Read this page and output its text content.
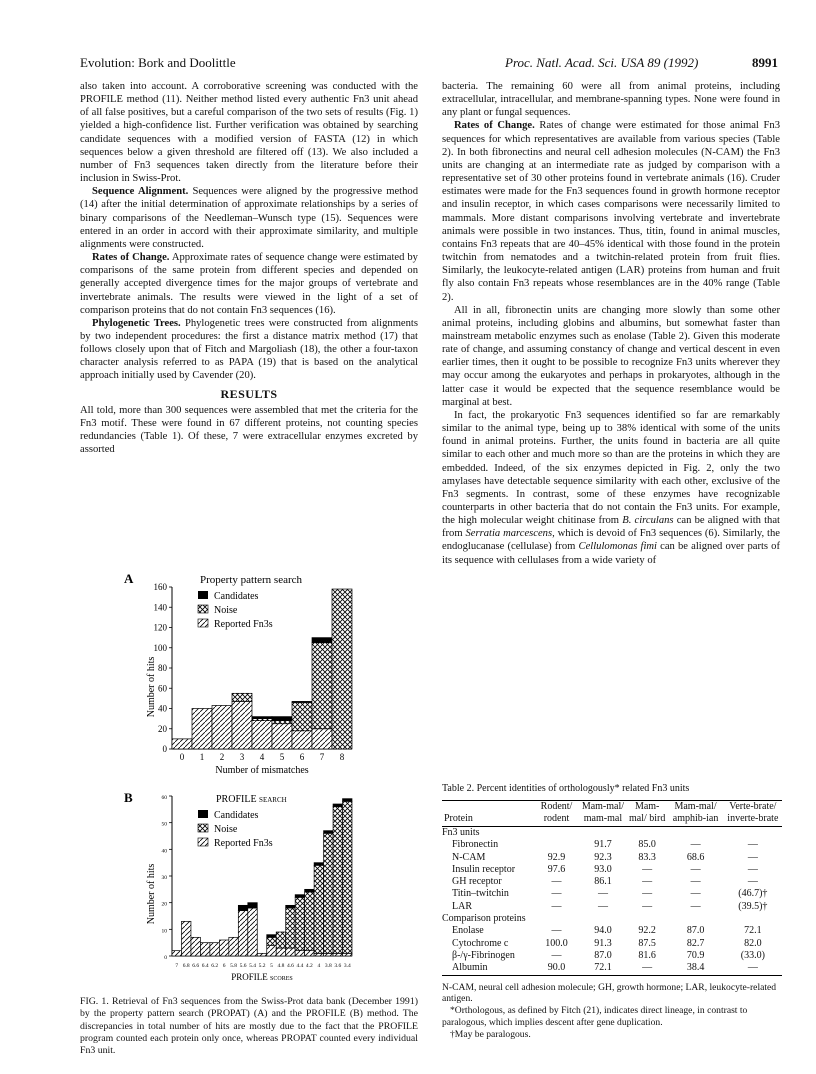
Evolution: Bork and Doolittle	Proc. Natl. Acad. Sci. USA 89 (1992)	8991

also taken into account. A corroborative screening was conducted with the PROFILE method (11). Neither method listed every authentic Fn3 unit ahead of all false positives, but a careful comparison of the two sets of results (Fig. 1) yielded a high-confidence list. Further verification was obtained by searching candidate sequences with a modified version of FASTA (12) in which sequences below a given threshold are filtered off (13). We also included a number of Fn3 sequences taken directly from the literature before their inclusion in Swiss-Prot.

Sequence Alignment. Sequences were aligned by the progressive method (14) after the initial determination of approximate relationships by a series of binary comparisons of the Needleman–Wunsch type (15). Sequences were entered in an order in accord with their approximate similarity, and multiple alignments were constructed.

Rates of Change. Approximate rates of sequence change were estimated by comparisons of the same protein from different species and depended on generally accepted divergence times for the major groups of vertebrate and invertebrate animals. The results were viewed in the light of a set of comparison proteins that do not contain Fn3 sequences (16).

Phylogenetic Trees. Phylogenetic trees were constructed from alignments by two independent procedures: the first a distance matrix method (17) that follows closely upon that of Fitch and Margoliash (18), the other a four-taxon character analysis referred to as PAPA (19) that is based on the analytical approach initially used by Cavender (20).

RESULTS

All told, more than 300 sequences were assembled that met the criteria for the Fn3 motif. These were found in 67 different proteins, not counting species redundancies (Table 1). Of these, 7 were extracellular enzymes excreted by assorted

bacteria. The remaining 60 were all from animal proteins, including extracellular, intracellular, and membrane-spanning types. None were found in any plant or fungal sequences.

Rates of Change. Rates of change were estimated for those animal Fn3 sequences for which representatives are available from various species (Table 2). In both fibronectins and neural cell adhesion molecules (N-CAM) the Fn3 units are changing at an intermediate rate as judged by comparison with a representative set of 30 other proteins found in vertebrate animals (16). Cruder estimates were made for the Fn3 sequences found in growth hormone receptor and insulin receptor, in which cases comparisons were necessarily limited to mammals. More distant comparisons involving vertebrate and invertebrate animals were possible in two instances. Thus, titin, found in animal muscles, contains Fn3 repeats that are 40–45% identical with those found in the protein twitchin from nematodes and a twitchin-related protein from fruit flies. Similarly, the leukocyte-related antigen (LAR) proteins from human and fruit fly also contain Fn3 repeats whose resemblances are in the 40% range (Table 2).

All in all, fibronectin units are changing more slowly than some other animal proteins, including globins and albumins, but somewhat faster than mainstream metabolic enzymes such as enolase (Table 2). Given this moderate rate of change, and assuming constancy of change and vertical descent in even earlier times, then it ought to be possible to recognize Fn3 units wherever they may occur among the eukaryotes and perhaps in prokaryotes, although in the latter case it would be expected that the sequence resemblance would be marginal at best.

In fact, the prokaryotic Fn3 sequences identified so far are remarkably similar to the animal type, being up to 38% identical with some of the units found in animal proteins. Further, the units found in bacteria are all quite similar to each other and much more so than are the proteins in which they are embedded. Indeed, of the six enzymes depicted in Fig. 2, only the two amylases have detectable sequence similarity with each other, exclusive of the Fn3 segments. In contrast, some of these enzymes have recognizable counterparts in other bacteria that do not contain the Fn3 units. For example, the high molecular weight chitinase from B. circulans can be aligned with that from Serratia marcescens, which is devoid of Fn3 sequences (6). Similarly, the endoglucanase (cellulase) from Cellulomonas fimi can be aligned over parts of its sequence with cellulases from a wide variety of

A	Property pattern search
Number of hits
Number of mismatches
0
20
40
60
80
100
120
140
160
0 1 2 3 4 5 6 7 8
Candidates
Noise
Reported Fn3s
B	PROFILE search
Number of hits
PROFILE scores
0
10
20
30
40
50
60
7 6.8 6.6 6.4 6.2 6 5.8 5.6 5.4 5.2 5 4.8 4.6 4.4 4.2 4 3.8 3.6 3.4
Candidates
Noise
Reported Fn3s
FIG. 1. Retrieval of Fn3 sequences from the Swiss-Prot data bank (December 1991) by the property pattern search (PROPAT) (A) and the PROFILE (B) method. The discrepancies in total number of hits are mostly due to the fact that the PROFILE program counted each protein only once, whereas PROPAT counted every individual Fn3 unit.
Table 2. Percent identities of orthologously* related Fn3 units
Protein	Rodent/ rodent	Mam-mal/ mam-mal	Mam-mal/ bird	Mam-mal/ amphib-ian	Verte-brate/ inverte-brate
Fn3 units					
Fibronectin		91.7	85.0	—	—
N-CAM	92.9	92.3	83.3	68.6	—
Insulin receptor	97.6	93.0	—	—	—
GH receptor	—	86.1	—	—	—
Titin–twitchin	—	—	—	—	(46.7)†
LAR	—	—	—	—	(39.5)†
Comparison proteins					
Enolase	—	94.0	92.2	87.0	72.1
Cytochrome c	100.0	91.3	87.5	82.7	82.0
β-/γ-Fibrinogen	—	87.0	81.6	70.9	(33.0)
Albumin	90.0	72.1	—	38.4	—
N-CAM, neural cell adhesion molecule; GH, growth hormone; LAR, leukocyte-related antigen.
*Orthologous, as defined by Fitch (21), indicates direct lineage, in contrast to paralogous, which implies descent after gene duplication.
†May be paralogous.
